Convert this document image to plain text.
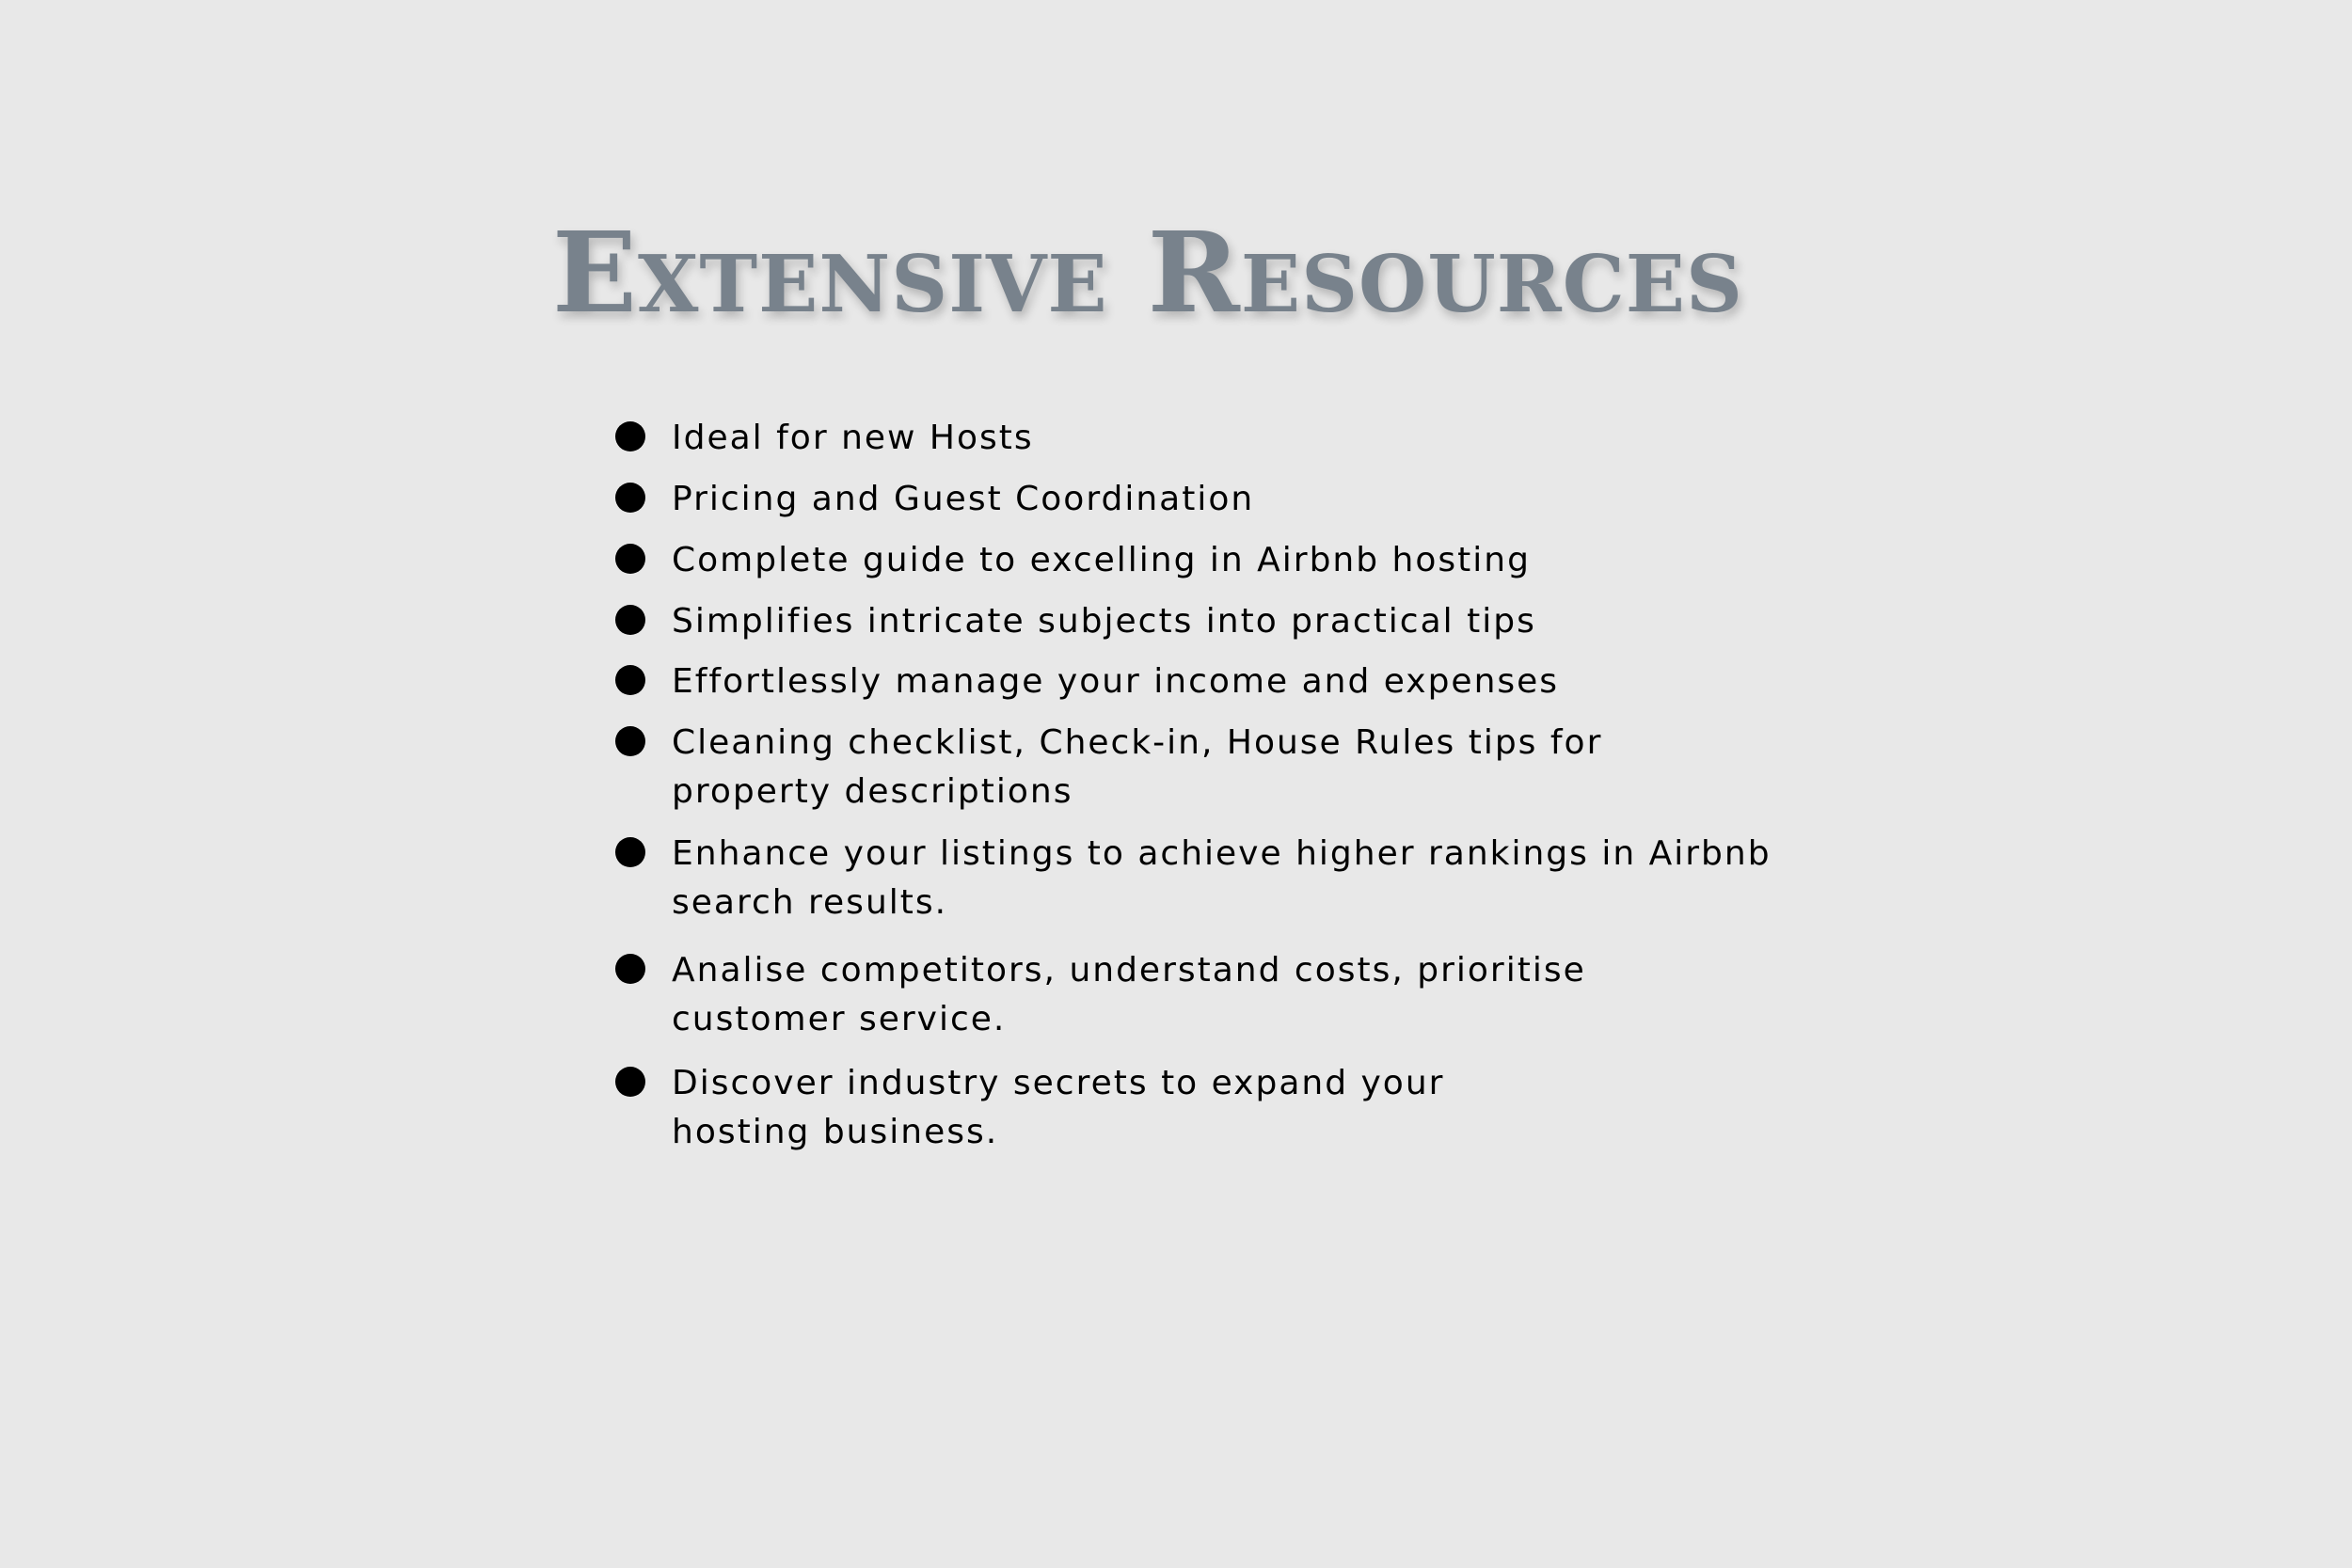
Extensive Resources
Ideal for new Hosts
Pricing and Guest Coordination
Complete guide to excelling in Airbnb hosting
Simplifies intricate subjects into practical tips
Effortlessly manage your income and expenses
Cleaning checklist, Check-in, House Rules tips for
property descriptions
Enhance your listings to achieve higher rankings in Airbnb
search results.
Analise competitors, understand costs, prioritise
customer service.
Discover industry secrets to expand your
hosting business.
